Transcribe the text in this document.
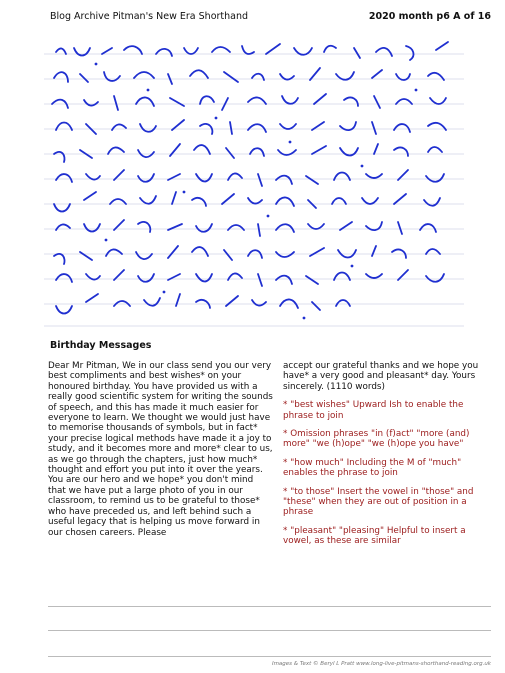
Blog Archive Pitman's New Era Shorthand	2020 month p6 A of 16
Birthday Messages

Dear Mr Pitman, We in our class send you our very best compliments and best wishes* on your honoured birthday. You have provided us with a really good scientific system for writing the sounds of speech, and this has made it much easier for everyone to learn. We thought we would just have to memorise thousands of symbols, but in fact* your precise logical methods have made it a joy to study, and it becomes more and more* clear to us, as we go through the chapters, just how much* thought and effort you put into it over the years. You are our hero and we hope* you don't mind that we have put a large photo of you in our classroom, to remind us to be grateful to those* who have preceded us, and left behind such a useful legacy that is helping us move forward in our chosen careers. Please

accept our grateful thanks and we hope you have* a very good and pleasant* day. Yours sincerely. (1110 words)

* "best wishes" Upward Ish to enable the phrase to join

* Omission phrases "in (f)act" "more (and) more" "we (h)ope" "we (h)ope you have"

* "how much" Including the M of "much" enables the phrase to join

* "to those" Insert the vowel in "those" and "these" when they are out of position in a phrase

* "pleasant" "pleasing" Helpful to insert a vowel, as these are similar

Images & Text © Beryl L Pratt www.long-live-pitmans-shorthand-reading.org.uk
